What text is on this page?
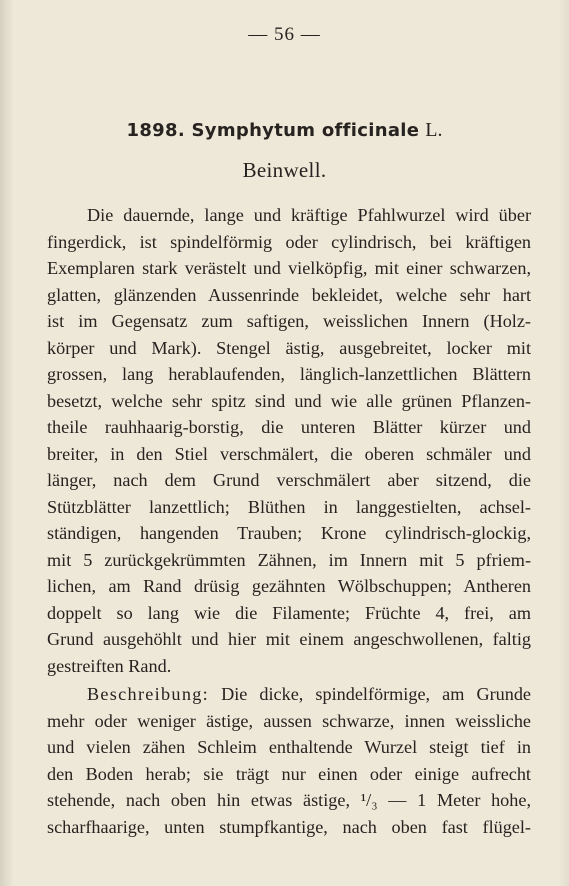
— 56 —
1898. Symphytum officinale L.
Beinwell.
Die dauernde, lange und kräftige Pfahlwurzel wird über
fingerdick, ist spindelförmig oder cylindrisch, bei kräftigen
Exemplaren stark verästelt und vielköpfig, mit einer schwarzen,
glatten, glänzenden Aussenrinde bekleidet, welche sehr hart
ist im Gegensatz zum saftigen, weisslichen Innern (Holz-
körper und Mark). Stengel ästig, ausgebreitet, locker mit
grossen, lang herablaufenden, länglich-lanzettlichen Blättern
besetzt, welche sehr spitz sind und wie alle grünen Pflanzen-
theile rauhhaarig-borstig, die unteren Blätter kürzer und
breiter, in den Stiel verschmälert, die oberen schmäler und
länger, nach dem Grund verschmälert aber sitzend, die
Stützblätter lanzettlich; Blüthen in langgestielten, achsel-
ständigen, hangenden Trauben; Krone cylindrisch-glockig,
mit 5 zurückgekrümmten Zähnen, im Innern mit 5 pfriem-
lichen, am Rand drüsig gezähnten Wölbschuppen; Antheren
doppelt so lang wie die Filamente; Früchte 4, frei, am
Grund ausgehöhlt und hier mit einem angeschwollenen, faltig
gestreiften Rand.
Beschreibung: Die dicke, spindelförmige, am Grunde
mehr oder weniger ästige, aussen schwarze, innen weissliche
und vielen zähen Schleim enthaltende Wurzel steigt tief in
den Boden herab; sie trägt nur einen oder einige aufrecht
stehende, nach oben hin etwas ästige, ¹/₃ — 1 Meter hohe,
scharfhaarige, unten stumpfkantige, nach oben fast flügel-
